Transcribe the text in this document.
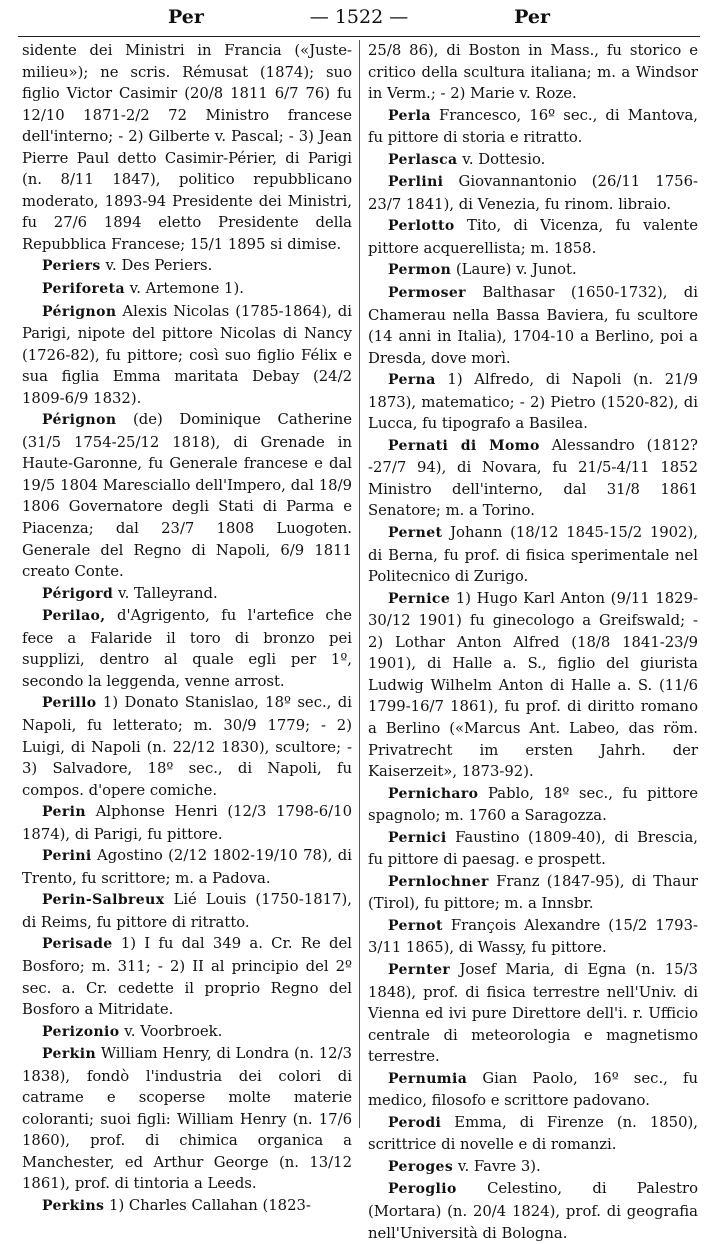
Per	— 1522 —	Per

sidente dei Ministri in Francia («Juste-milieu»); ne scris. Rémusat (1874); suo figlio Victor Casimir (20/8 1811 6/7 76) fu 12/10 1871-2/2 72 Ministro francese dell'interno; - 2) Gilberte v. Pascal; - 3) Jean Pierre Paul detto Casimir-Périer, di Parigi (n. 8/11 1847), politico repubblicano moderato, 1893-94 Presidente dei Ministri, fu 27/6 1894 eletto Presidente della Repubblica Francese; 15/1 1895 si dimise.

Periers v. Des Periers.

Periforeta v. Artemone 1).

Pérignon Alexis Nicolas (1785-1864), di Parigi, nipote del pittore Nicolas di Nancy (1726-82), fu pittore; così suo figlio Félix e sua figlia Emma maritata Debay (24/2 1809-6/9 1832).

Pérignon (de) Dominique Catherine (31/5 1754-25/12 1818), di Grenade in Haute-Garonne, fu Generale francese e dal 19/5 1804 Maresciallo dell'Impero, dal 18/9 1806 Governatore degli Stati di Parma e Piacenza; dal 23/7 1808 Luogoten. Generale del Regno di Napoli, 6/9 1811 creato Conte.

Périgord v. Talleyrand.

Perilao, d'Agrigento, fu l'artefice che fece a Falaride il toro di bronzo pei supplizi, dentro al quale egli per 1º, secondo la leggenda, venne arrost.

Perillo 1) Donato Stanislao, 18º sec., di Napoli, fu letterato; m. 30/9 1779; - 2) Luigi, di Napoli (n. 22/12 1830), scultore; - 3) Salvadore, 18º sec., di Napoli, fu compos. d'opere comiche.

Perin Alphonse Henri (12/3 1798-6/10 1874), di Parigi, fu pittore.

Perini Agostino (2/12 1802-19/10 78), di Trento, fu scrittore; m. a Padova.

Perin-Salbreux Lié Louis (1750-1817), di Reims, fu pittore di ritratto.

Perisade 1) I fu dal 349 a. Cr. Re del Bosforo; m. 311; - 2) II al principio del 2º sec. a. Cr. cedette il proprio Regno del Bosforo a Mitridate.

Perizonio v. Voorbroek.

Perkin William Henry, di Londra (n. 12/3 1838), fondò l'industria dei colori di catrame e scoperse molte materie coloranti; suoi figli: William Henry (n. 17/6 1860), prof. di chimica organica a Manchester, ed Arthur George (n. 13/12 1861), prof. di tintoria a Leeds.

Perkins 1) Charles Callahan (1823-

25/8 86), di Boston in Mass., fu storico e critico della scultura italiana; m. a Windsor in Verm.; - 2) Marie v. Roze.

Perla Francesco, 16º sec., di Mantova, fu pittore di storia e ritratto.

Perlasca v. Dottesio.

Perlini Giovannantonio (26/11 1756-23/7 1841), di Venezia, fu rinom. libraio.

Perlotto Tito, di Vicenza, fu valente pittore acquerellista; m. 1858.

Permon (Laure) v. Junot.

Permoser Balthasar (1650-1732), di Chamerau nella Bassa Baviera, fu scultore (14 anni in Italia), 1704-10 a Berlino, poi a Dresda, dove morì.

Perna 1) Alfredo, di Napoli (n. 21/9 1873), matematico; - 2) Pietro (1520-82), di Lucca, fu tipografo a Basilea.

Pernati di Momo Alessandro (1812?-27/7 94), di Novara, fu 21/5-4/11 1852 Ministro dell'interno, dal 31/8 1861 Senatore; m. a Torino.

Pernet Johann (18/12 1845-15/2 1902), di Berna, fu prof. di fisica sperimentale nel Politecnico di Zurigo.

Pernice 1) Hugo Karl Anton (9/11 1829-30/12 1901) fu ginecologo a Greifswald; - 2) Lothar Anton Alfred (18/8 1841-23/9 1901), di Halle a. S., figlio del giurista Ludwig Wilhelm Anton di Halle a. S. (11/6 1799-16/7 1861), fu prof. di diritto romano a Berlino («Marcus Ant. Labeo, das röm. Privatrecht im ersten Jahrh. der Kaiserzeit», 1873-92).

Pernicharo Pablo, 18º sec., fu pittore spagnolo; m. 1760 a Saragozza.

Pernici Faustino (1809-40), di Brescia, fu pittore di paesag. e prospett.

Pernlochner Franz (1847-95), di Thaur (Tirol), fu pittore; m. a Innsbr.

Pernot François Alexandre (15/2 1793-3/11 1865), di Wassy, fu pittore.

Pernter Josef Maria, di Egna (n. 15/3 1848), prof. di fisica terrestre nell'Univ. di Vienna ed ivi pure Direttore dell'i. r. Ufficio centrale di meteorologia e magnetismo terrestre.

Pernumia Gian Paolo, 16º sec., fu medico, filosofo e scrittore padovano.

Perodi Emma, di Firenze (n. 1850), scrittrice di novelle e di romanzi.

Peroges v. Favre 3).

Peroglio Celestino, di Palestro (Mortara) (n. 20/4 1824), prof. di geografia nell'Università di Bologna.
